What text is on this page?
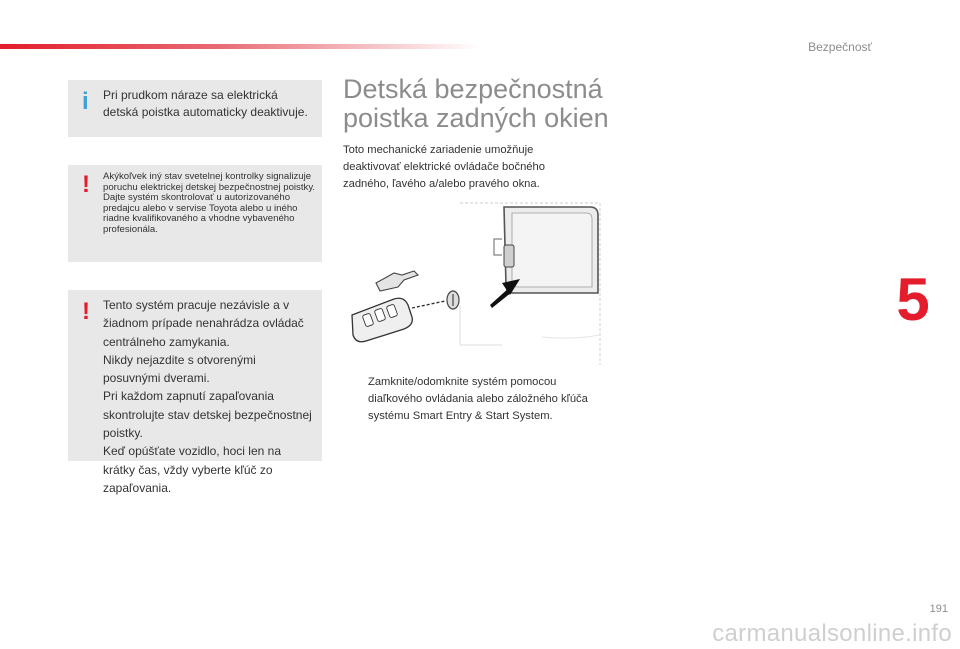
Bezpečnosť
5
i Pri prudkom náraze sa elektrická detská poistka automaticky deaktivuje.
! Akýkoľvek iný stav svetelnej kontrolky signalizuje poruchu elektrickej detskej bezpečnostnej poistky.
Dajte systém skontrolovať u autorizovaného predajcu alebo v servise Toyota alebo u iného riadne kvalifikovaného a vhodne vybaveného profesionála.
! Tento systém pracuje nezávisle a v žiadnom prípade nenahrádza ovládač centrálneho zamykania.
Nikdy nejazdite s otvorenými posuvnými dverami.
Pri každom zapnutí zapaľovania skontrolujte stav detskej bezpečnostnej poistky.
Keď opúšťate vozidlo, hoci len na krátky čas, vždy vyberte kľúč zo zapaľovania.
Detská bezpečnostná
poistka zadných okien
Toto mechanické zariadenie umožňuje deaktivovať elektrické ovládače bočného zadného, ľavého a/alebo pravého okna.
Zamknite/odomknite systém pomocou diaľkového ovládania alebo záložného kľúča systému Smart Entry & Start System.
191
carmanualsonline.info
